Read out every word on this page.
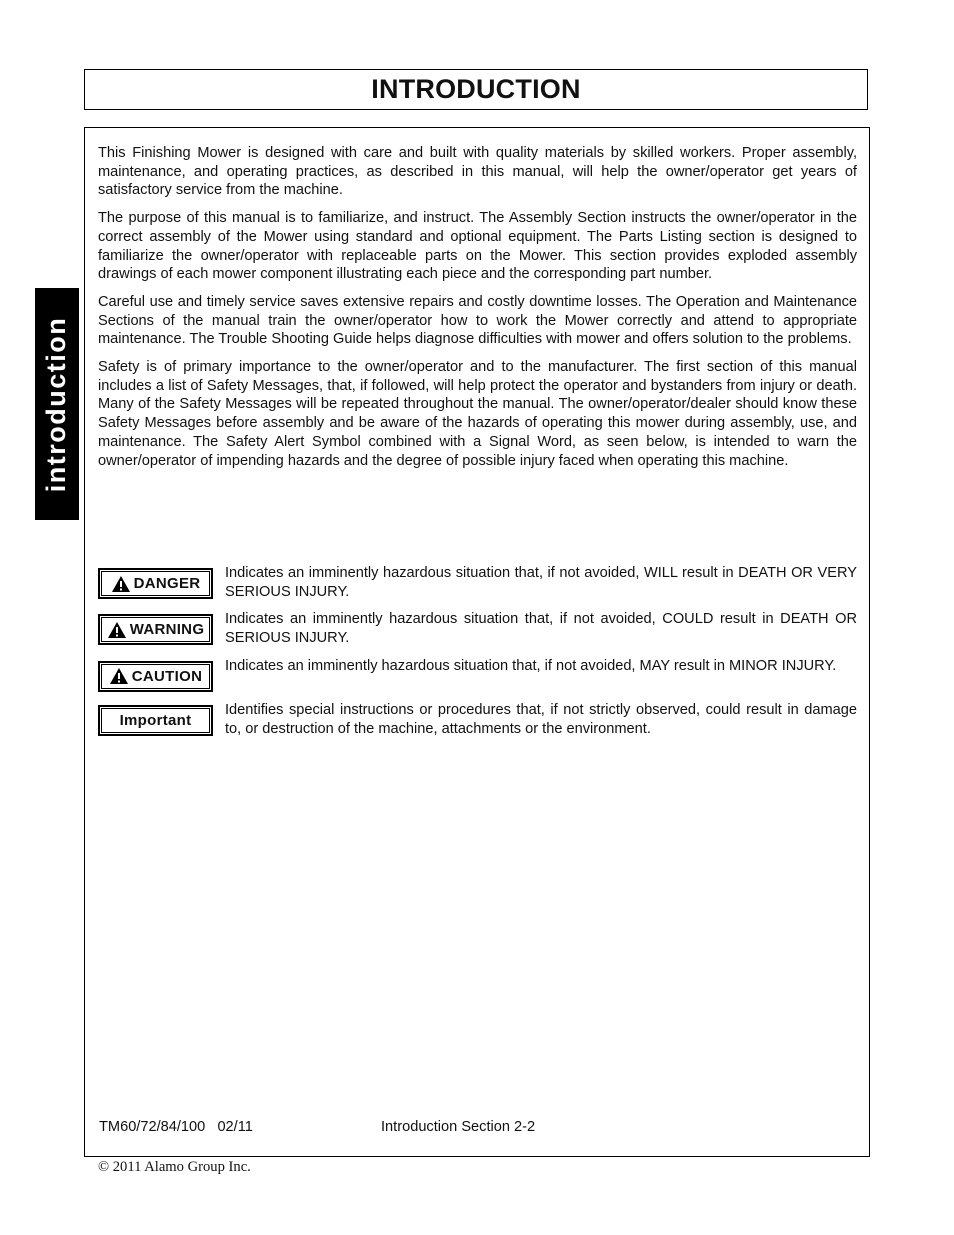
INTRODUCTION
introduction

This Finishing Mower is designed with care and built with quality materials by skilled workers. Proper assembly, maintenance, and operating practices, as described in this manual, will help the owner/operator get years of satisfactory service from the machine.

The purpose of this manual is to familiarize, and instruct. The Assembly Section instructs the owner/operator in the correct assembly of the Mower using standard and optional equipment. The Parts Listing section is designed to familiarize the owner/operator with replaceable parts on the Mower. This section provides exploded assembly drawings of each mower component illustrating each piece and the corresponding part number.

Careful use and timely service saves extensive repairs and costly downtime losses. The Operation and Maintenance Sections of the manual train the owner/operator how to work the Mower correctly and attend to appropriate maintenance. The Trouble Shooting Guide helps diagnose difficulties with mower and offers solution to the problems.

Safety is of primary importance to the owner/operator and to the manufacturer. The first section of this manual includes a list of Safety Messages, that, if followed, will help protect the operator and bystanders from injury or death. Many of the Safety Messages will be repeated throughout the manual. The owner/operator/dealer should know these Safety Messages before assembly and be aware of the hazards of operating this mower during assembly, use, and maintenance. The Safety Alert Symbol combined with a Signal Word, as seen below, is intended to warn the owner/operator of impending hazards and the degree of possible injury faced when operating this machine.

DANGER
Indicates an imminently hazardous situation that, if not avoided, WILL result in DEATH OR VERY SERIOUS INJURY.
WARNING
Indicates an imminently hazardous situation that, if not avoided, COULD result in DEATH OR SERIOUS INJURY.
CAUTION
Indicates an imminently hazardous situation that, if not avoided, MAY result in MINOR INJURY.
Important
Identifies special instructions or procedures that, if not strictly observed, could result in damage to, or destruction of the machine, attachments or the environment.
TM60/72/84/100   02/11	Introduction Section 2-2
© 2011 Alamo Group Inc.
